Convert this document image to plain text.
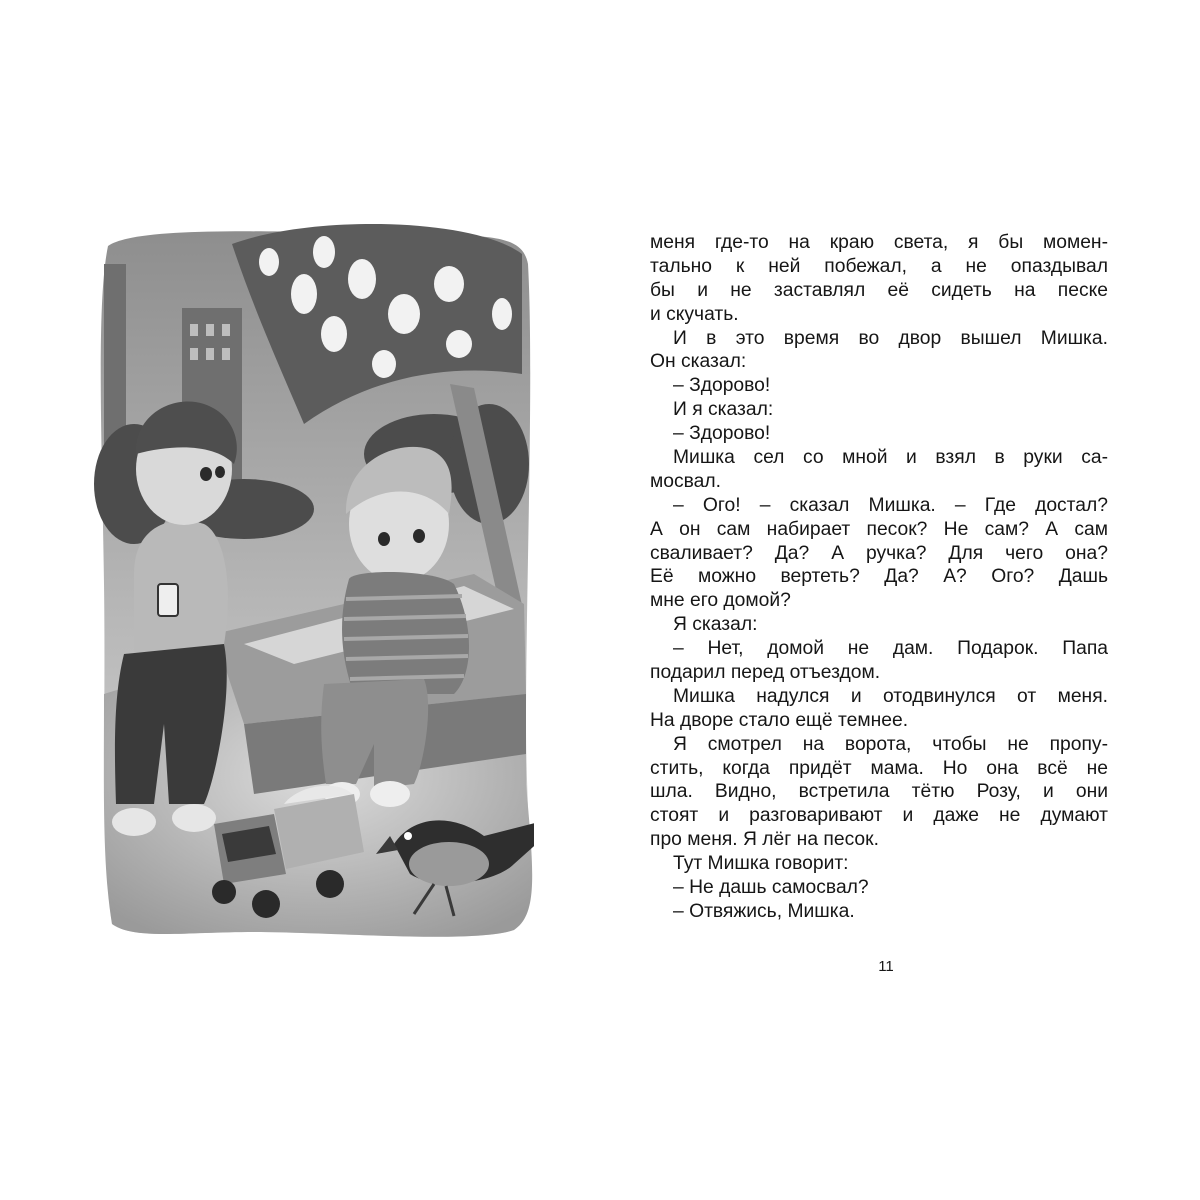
меня где-то на краю света, я бы момен-
тально к ней побежал, а не опаздывал
бы и не заставлял её сидеть на песке
и скучать.
И в это время во двор вышел Мишка.
Он сказал:
– Здорово!
И я сказал:
– Здорово!
Мишка сел со мной и взял в руки са-
мосвал.
– Ого! – сказал Мишка. – Где достал?
А он сам набирает песок? Не сам? А сам
сваливает? Да? А ручка? Для чего она?
Её можно вертеть? Да? А? Ого? Дашь
мне его домой?
Я сказал:
– Нет, домой не дам. Подарок. Папа
подарил перед отъездом.
Мишка надулся и отодвинулся от меня.
На дворе стало ещё темнее.
Я смотрел на ворота, чтобы не пропу-
стить, когда придёт мама. Но она всё не
шла. Видно, встретила тётю Розу, и они
стоят и разговаривают и даже не думают
про меня. Я лёг на песок.
Тут Мишка говорит:
– Не дашь самосвал?
– Отвяжись, Мишка.
11
